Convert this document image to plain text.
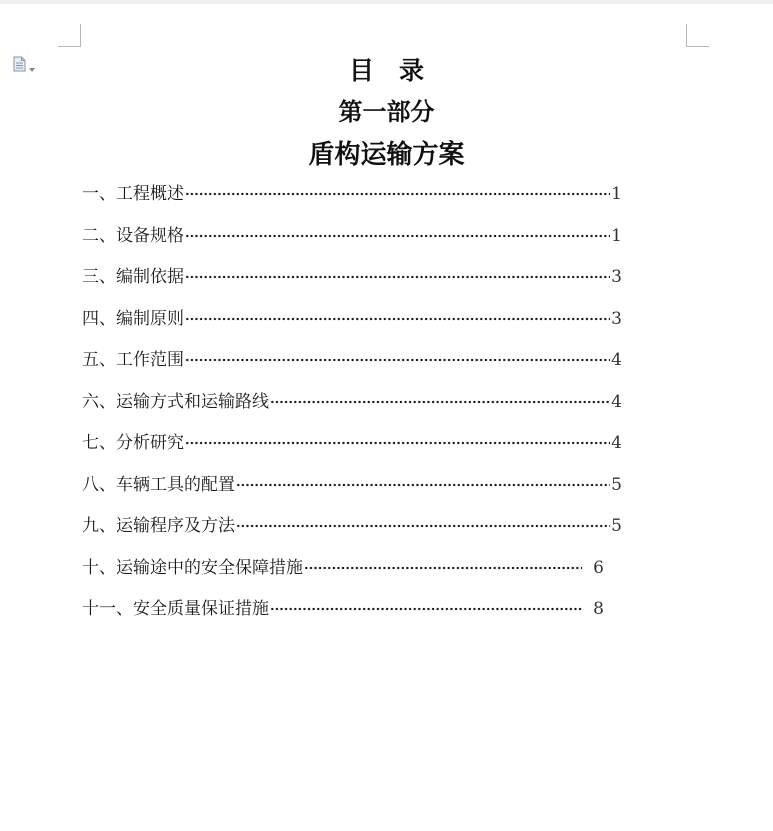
目　录
第一部分
盾构运输方案
一、工程概述	1
二、设备规格	1
三、编制依据	3
四、编制原则	3
五、工作范围	4
六、运输方式和运输路线	4
七、分析研究	4
八、车辆工具的配置	5
九、运输程序及方法	5
十、运输途中的安全保障措施	6
十一、安全质量保证措施	8
